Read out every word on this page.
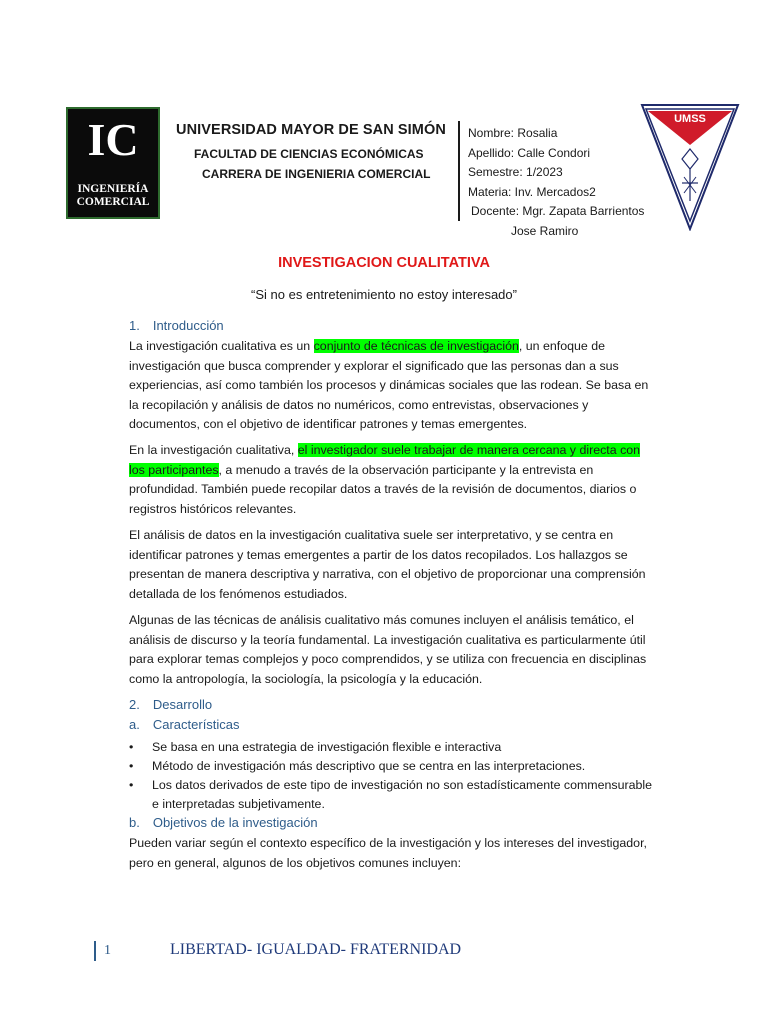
IC
INGENIERÍA
COMERCIAL
UMSS
UNIVERSIDAD MAYOR DE SAN SIMÓN
FACULTAD DE CIENCIAS ECONÓMICAS
CARRERA DE INGENIERIA COMERCIAL
Nombre: Rosalia
Apellido: Calle Condori
Semestre: 1/2023
Materia: Inv. Mercados2
Docente: Mgr. Zapata Barrientos
Jose Ramiro
INVESTIGACION CUALITATIVA
“Si no es entretenimiento no estoy interesado”
1. Introducción
La investigación cualitativa es un conjunto de técnicas de investigación, un enfoque de investigación que busca comprender y explorar el significado que las personas dan a sus experiencias, así como también los procesos y dinámicas sociales que las rodean. Se basa en la recopilación y análisis de datos no numéricos, como entrevistas, observaciones y documentos, con el objetivo de identificar patrones y temas emergentes.
En la investigación cualitativa, el investigador suele trabajar de manera cercana y directa con los participantes, a menudo a través de la observación participante y la entrevista en profundidad. También puede recopilar datos a través de la revisión de documentos, diarios o registros históricos relevantes.
El análisis de datos en la investigación cualitativa suele ser interpretativo, y se centra en identificar patrones y temas emergentes a partir de los datos recopilados. Los hallazgos se presentan de manera descriptiva y narrativa, con el objetivo de proporcionar una comprensión detallada de los fenómenos estudiados.
Algunas de las técnicas de análisis cualitativo más comunes incluyen el análisis temático, el análisis de discurso y la teoría fundamental. La investigación cualitativa es particularmente útil para explorar temas complejos y poco comprendidos, y se utiliza con frecuencia en disciplinas como la antropología, la sociología, la psicología y la educación.
2. Desarrollo
a. Características
• Se basa en una estrategia de investigación flexible e interactiva
• Método de investigación más descriptivo que se centra en las interpretaciones.
• Los datos derivados de este tipo de investigación no son estadísticamente commensurable
e interpretadas subjetivamente.
b. Objetivos de la investigación
Pueden variar según el contexto específico de la investigación y los intereses del investigador, pero en general, algunos de los objetivos comunes incluyen:
1	LIBERTAD- IGUALDAD- FRATERNIDAD
